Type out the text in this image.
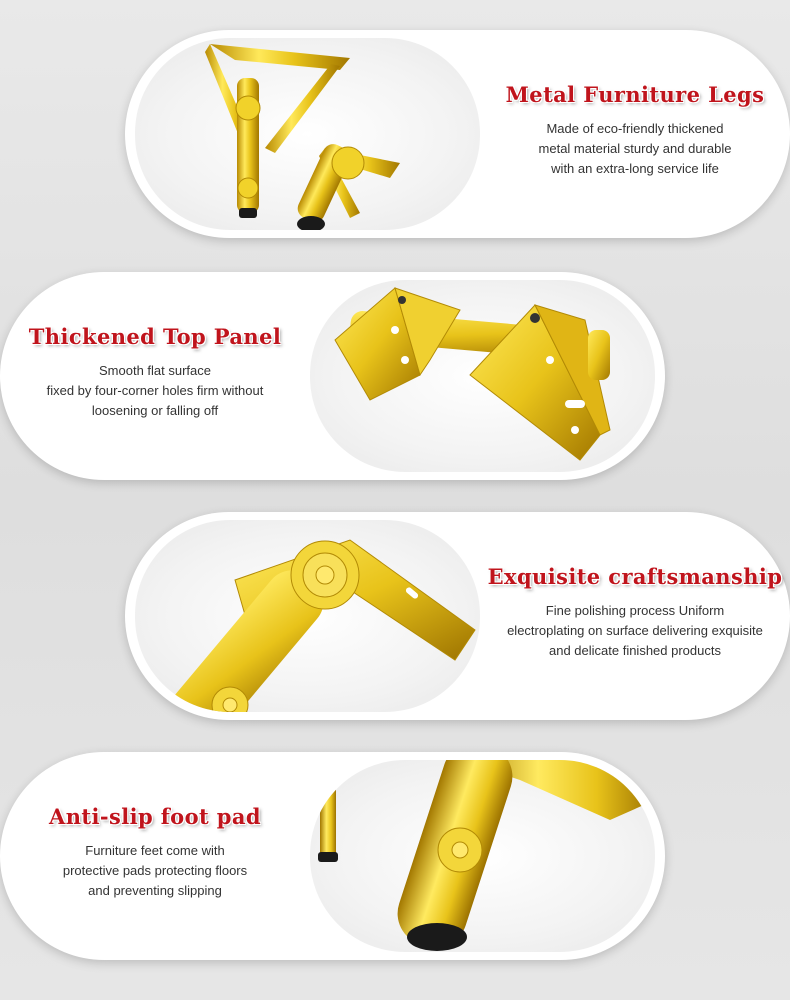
Metal Furniture Legs

Made of eco-friendly thickened

metal material sturdy and durable

with an extra-long service life

Thickened Top Panel

Smooth flat surface

fixed by four-corner holes firm without

loosening or falling off

Exquisite craftsmanship

Fine polishing process Uniform

electroplating on surface delivering exquisite

and delicate finished products

Anti-slip foot pad

Furniture feet come with

protective pads protecting floors

and preventing slipping
